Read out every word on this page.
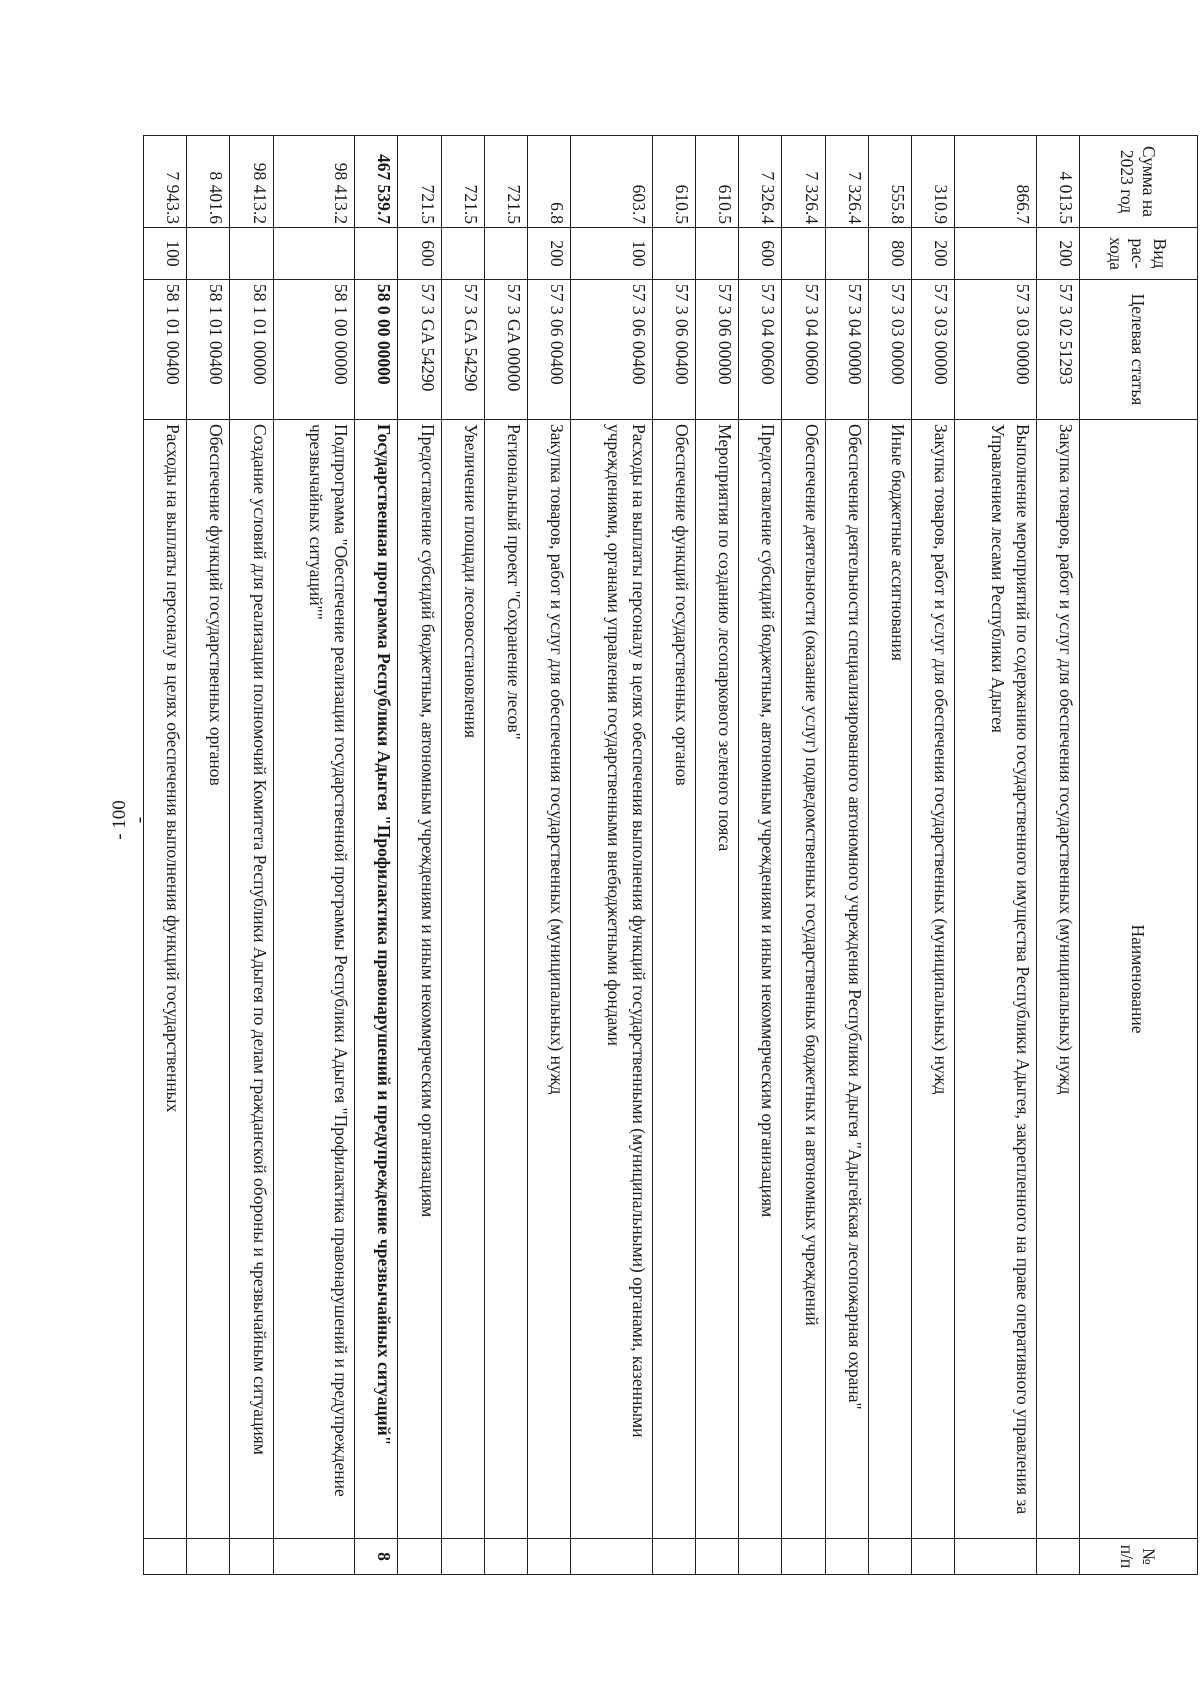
- 100 -
Сумма на 2023 год	Вид рас-хода	Целевая статья	Наименование	№ п/п
4 013.5	200	57 3 02 51293	Закупка товаров, работ и услуг для обеспечения государственных (муниципальных) нужд	
866.7		57 3 03 00000	Выполнение мероприятий по содержанию государственного имущества Республики Адыгея, закрепленного на праве оперативного управления за Управлением лесами Республики Адыгея	
310.9	200	57 3 03 00000	Закупка товаров, работ и услуг для обеспечения государственных (муниципальных) нужд	
555.8	800	57 3 03 00000	Иные бюджетные ассигнования	
7 326.4		57 3 04 00000	Обеспечение деятельности специализированного автономного учреждения Республики Адыгея "Адыгейская лесопожарная охрана"	
7 326.4		57 3 04 00600	Обеспечение деятельности (оказание услуг) подведомственных государственных бюджетных и автономных учреждений	
7 326.4	600	57 3 04 00600	Предоставление субсидий бюджетным, автономным учреждениям и иным некоммерческим организациям	
610.5		57 3 06 00000	Мероприятия по созданию лесопаркового зеленого пояса	
610.5		57 3 06 00400	Обеспечение функций государственных органов	
603.7	100	57 3 06 00400	Расходы на выплаты персоналу в целях обеспечения выполнения функций государственными (муниципальными) органами, казенными учреждениями, органами управления государственными внебюджетными фондами	
6.8	200	57 3 06 00400	Закупка товаров, работ и услуг для обеспечения государственных (муниципальных) нужд	
721.5		57 3 GA 00000	Региональный проект "Сохранение лесов"	
721.5		57 3 GA 54290	Увеличение площади лесовосстановления	
721.5	600	57 3 GA 54290	Предоставление субсидий бюджетным, автономным учреждениям и иным некоммерческим организациям	
467 539.7		58 0 00 00000	Государственная программа Республики Адыгея "Профилактика правонарушений и предупреждение чрезвычайных ситуаций"	8
98 413.2		58 1 00 00000	Подпрограмма "Обеспечение реализации государственной программы Республики Адыгея "Профилактика правонарушений и предупреждение чрезвычайных ситуаций""	
98 413.2		58 1 01 00000	Создание условий для реализации полномочий Комитета Республики Адыгея по делам гражданской обороны и чрезвычайным ситуациям	
8 401.6		58 1 01 00400	Обеспечение функций государственных органов	
7 943.3	100	58 1 01 00400	Расходы на выплаты персоналу в целях обеспечения выполнения функций государственных	
